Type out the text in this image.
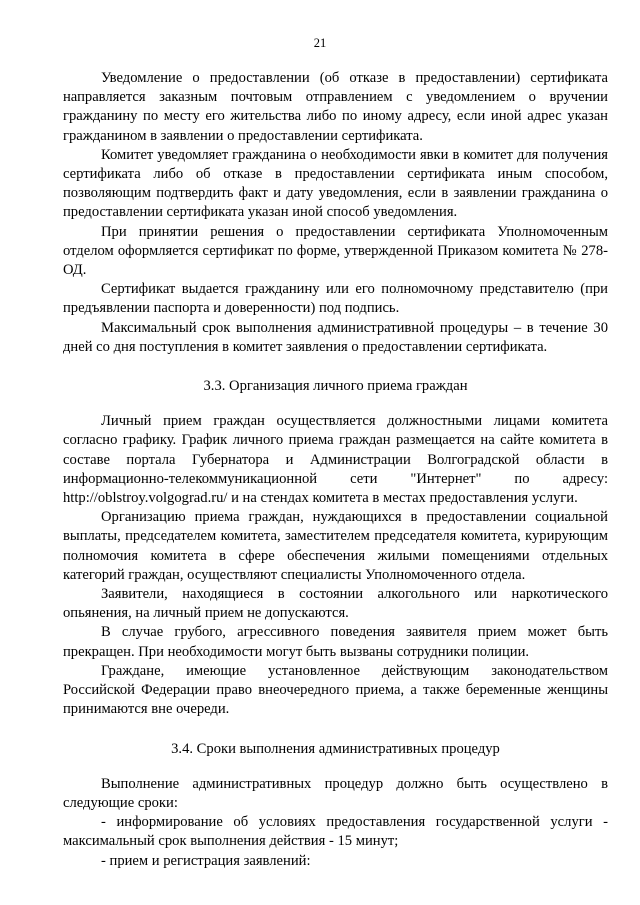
21

Уведомление о предоставлении (об отказе в предоставлении) сертификата направляется заказным почтовым отправлением с уведомлением о вручении гражданину по месту его жительства либо по иному адресу, если иной адрес указан гражданином в заявлении о предоставлении сертификата.

Комитет уведомляет гражданина о необходимости явки в комитет для получения сертификата либо об отказе в предоставлении сертификата иным способом, позволяющим подтвердить факт и дату уведомления, если в заявлении гражданина о предоставлении сертификата указан иной способ уведомления.

При принятии решения о предоставлении сертификата Уполномоченным отделом оформляется сертификат по форме, утвержденной Приказом комитета № 278-ОД.

Сертификат выдается гражданину или его полномочному представителю (при предъявлении паспорта и доверенности) под подпись.

Максимальный срок выполнения административной процедуры – в течение 30 дней со дня поступления в комитет заявления о предоставлении сертификата.

3.3. Организация личного приема граждан

Личный прием граждан осуществляется должностными лицами комитета согласно графику. График личного приема граждан размещается на сайте комитета в составе портала Губернатора и Администрации Волгоградской области в информационно-телекоммуникационной сети "Интернет" по адресу: http://oblstroy.volgograd.ru/ и на стендах комитета в местах предоставления услуги.

Организацию приема граждан, нуждающихся в предоставлении социальной выплаты, председателем комитета, заместителем председателя комитета, курирующим полномочия комитета в сфере обеспечения жилыми помещениями отдельных категорий граждан, осуществляют специалисты Уполномоченного отдела.

Заявители, находящиеся в состоянии алкогольного или наркотического опьянения, на личный прием не допускаются.

В случае грубого, агрессивного поведения заявителя прием может быть прекращен. При необходимости могут быть вызваны сотрудники полиции.

Граждане, имеющие установленное действующим законодательством Российской Федерации право внеочередного приема, а также беременные женщины принимаются вне очереди.

3.4. Сроки выполнения административных процедур

Выполнение административных процедур должно быть осуществлено в следующие сроки:

- информирование об условиях предоставления государственной услуги - максимальный срок выполнения действия - 15 минут;

- прием и регистрация заявлений:
